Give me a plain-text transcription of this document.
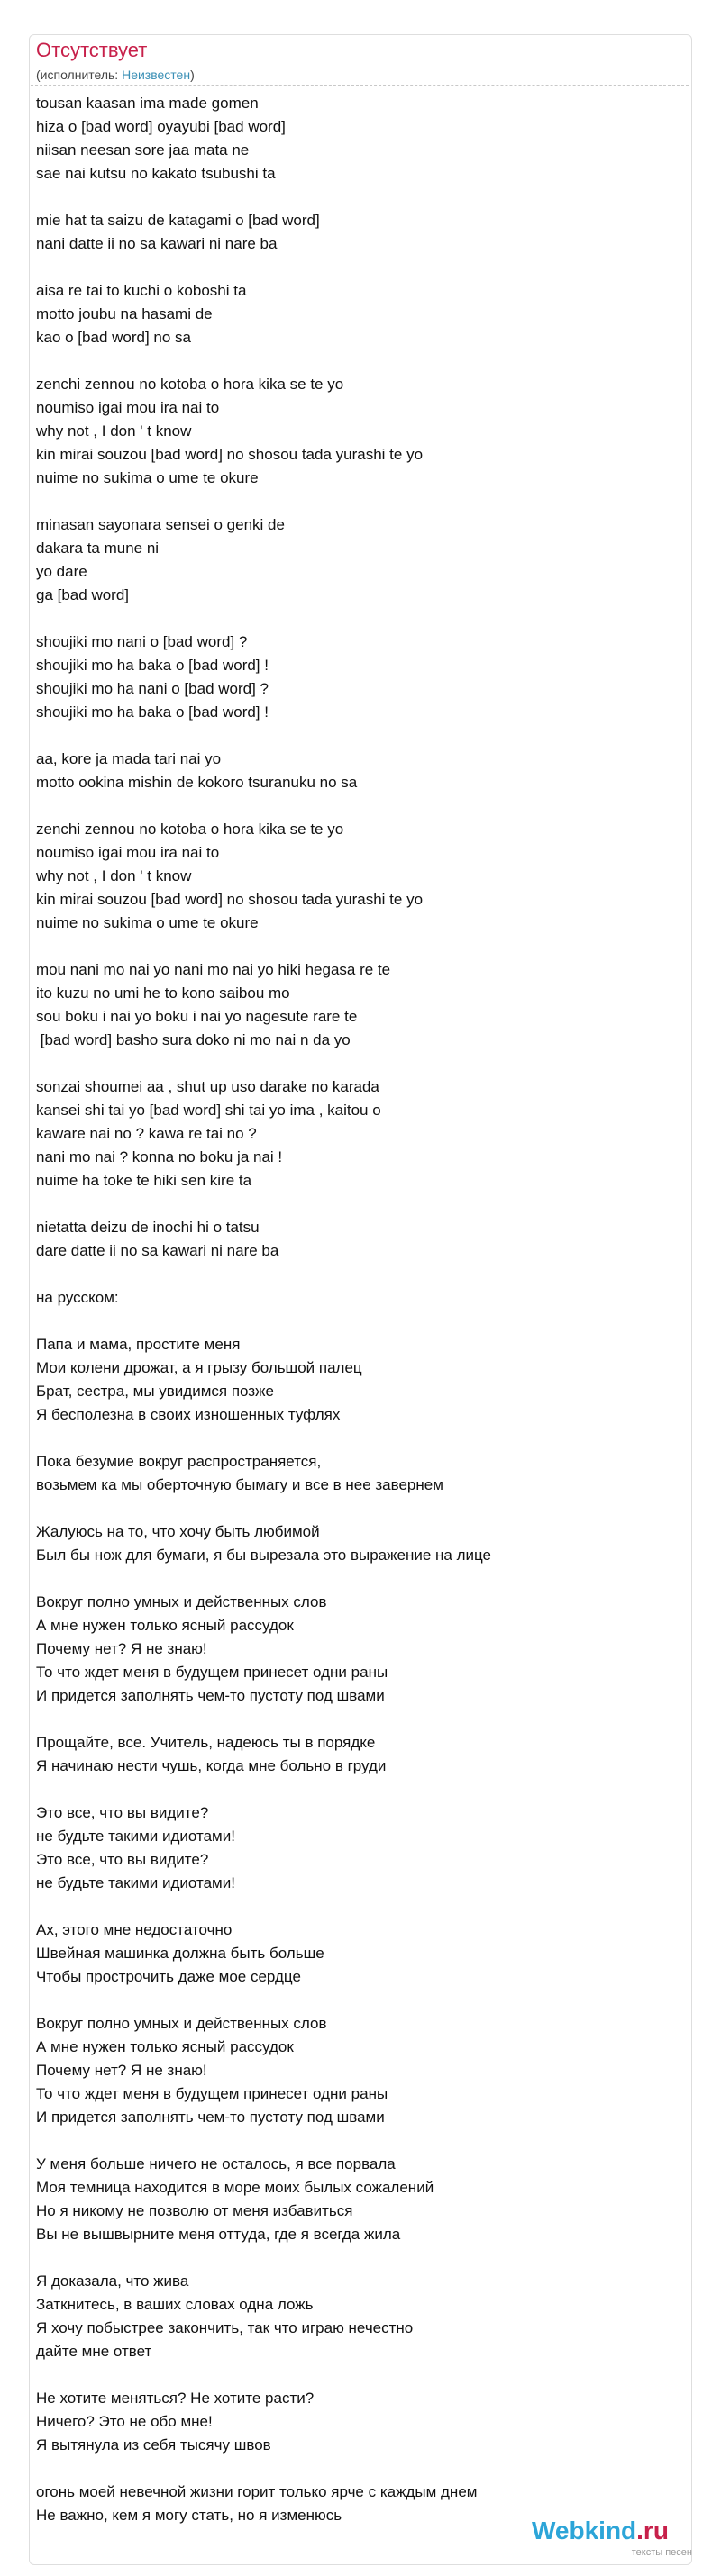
Отсутствует
(исполнитель: Неизвестен)
tousan kaasan ima made gomen
hiza o [bad word] oyayubi [bad word]
niisan neesan sore jaa mata ne
sae nai kutsu no kakato tsubushi ta
mie hat ta saizu de katagami o [bad word]
nani datte ii no sa kawari ni nare ba
aisa re tai to kuchi o koboshi ta
motto joubu na hasami de
kao o [bad word] no sa
zenchi zennou no kotoba o hora kika se te yo
noumiso igai mou ira nai to
why not , I don ' t know
kin mirai souzou [bad word] no shosou tada yurashi te yo
nuime no sukima o ume te okure
minasan sayonara sensei o genki de
dakara ta mune ni
yo dare
ga [bad word]
shoujiki mo nani o [bad word] ?
shoujiki mo ha baka o [bad word] !
shoujiki mo ha nani o [bad word] ?
shoujiki mo ha baka o [bad word] !
aa, kore ja mada tari nai yo
motto ookina mishin de kokoro tsuranuku no sa
zenchi zennou no kotoba o hora kika se te yo
noumiso igai mou ira nai to
why not , I don ' t know
kin mirai souzou [bad word] no shosou tada yurashi te yo
nuime no sukima o ume te okure
mou nani mo nai yo nani mo nai yo hiki hegasa re te
ito kuzu no umi he to kono saibou mo
sou boku i nai yo boku i nai yo nagesute rare te
[bad word] basho sura doko ni mo nai n da yo
sonzai shoumei aa , shut up uso darake no karada
kansei shi tai yo [bad word] shi tai yo ima , kaitou o
kaware nai no ? kawa re tai no ?
nani mo nai ? konna no boku ja nai !
nuime ha toke te hiki sen kire ta
nietatta deizu de inochi hi o tatsu
dare datte ii no sa kawari ni nare ba
на русском:
Папа и мама, простите меня
Мои колени дрожат, а я грызу большой палец
Брат, сестра, мы увидимся позже
Я бесполезна в своих изношенных туфлях
Пока безумие вокруг распространяется,
возьмем ка мы оберточную бымагу и все в нее завернем
Жалуюсь на то, что хочу быть любимой
Был бы нож для бумаги, я бы вырезала это выражение на лице
Вокруг полно умных и действенных слов
А мне нужен только ясный рассудок
Почему нет? Я не знаю!
То что ждет меня в будущем принесет одни раны
И придется заполнять чем-то пустоту под швами
Прощайте, все. Учитель, надеюсь ты в порядке
Я начинаю нести чушь, когда мне больно в груди
Это все, что вы видите?
не будьте такими идиотами!
Это все, что вы видите?
не будьте такими идиотами!
Ах, этого мне недостаточно
Швейная машинка должна быть больше
Чтобы прострочить даже мое сердце
Вокруг полно умных и действенных слов
А мне нужен только ясный рассудок
Почему нет? Я не знаю!
То что ждет меня в будущем принесет одни раны
И придется заполнять чем-то пустоту под швами
У меня больше ничего не осталось, я все порвала
Моя темница находится в море моих былых сожалений
Но я никому не позволю от меня избавиться
Вы не вышвырните меня оттуда, где я всегда жила
Я доказала, что жива
Заткнитесь, в ваших словах одна ложь
Я хочу побыстрее закончить, так что играю нечестно
дайте мне ответ
Не хотите меняться? Не хотите расти?
Ничего? Это не обо мне!
Я вытянула из себя тысячу швов
огонь моей невечной жизни горит только ярче с каждым днем
Не важно, кем я могу стать, но я изменюсь
Webkind.ru
тексты песен
